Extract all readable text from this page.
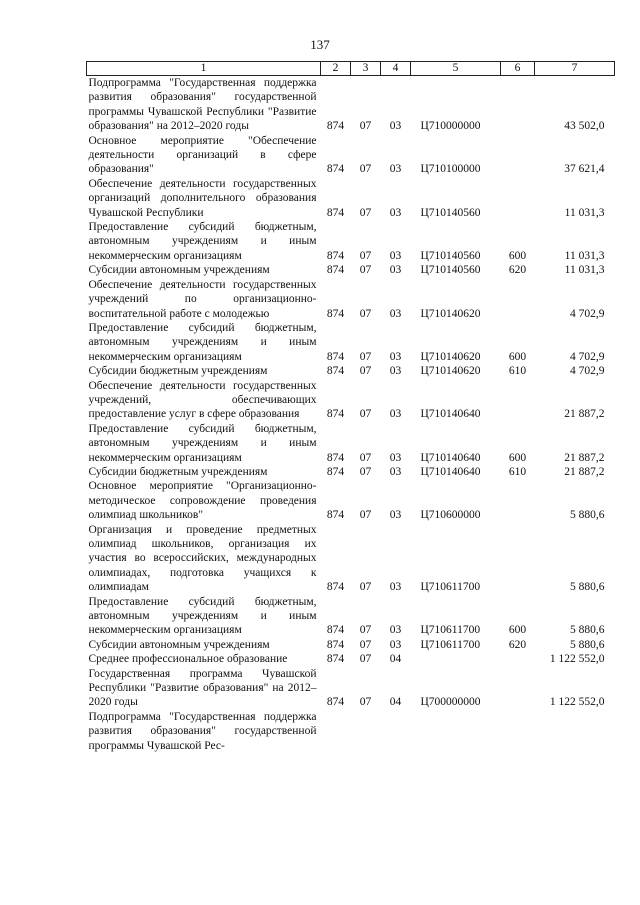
137
1	2	3	4	5	6	7
Подпрограмма "Государственная поддержка развития образования" государственной программы Чувашской Республики "Развитие образования" на 2012–2020 годы	874	07	03	Ц710000000		43 502,0
Основное мероприятие "Обеспечение деятельности организаций в сфере образования"	874	07	03	Ц710100000		37 621,4
Обеспечение деятельности государственных организаций дополнительного образования Чувашской Республики	874	07	03	Ц710140560		11 031,3
Предоставление субсидий бюджетным, автономным учреждениям и иным некоммерческим организациям	874	07	03	Ц710140560	600	11 031,3
Субсидии автономным учреждениям	874	07	03	Ц710140560	620	11 031,3
Обеспечение деятельности государственных учреждений по организационно-воспитательной работе с молодежью	874	07	03	Ц710140620		4 702,9
Предоставление субсидий бюджетным, автономным учреждениям и иным некоммерческим организациям	874	07	03	Ц710140620	600	4 702,9
Субсидии бюджетным учреждениям	874	07	03	Ц710140620	610	4 702,9
Обеспечение деятельности государственных учреждений, обеспечивающих предоставление услуг в сфере образования	874	07	03	Ц710140640		21 887,2
Предоставление субсидий бюджетным, автономным учреждениям и иным некоммерческим организациям	874	07	03	Ц710140640	600	21 887,2
Субсидии бюджетным учреждениям	874	07	03	Ц710140640	610	21 887,2
Основное мероприятие "Организационно-методическое сопровождение проведения олимпиад школьников"	874	07	03	Ц710600000		5 880,6
Организация и проведение предметных олимпиад школьников, организация их участия во всероссийских, международных олимпиадах, подготовка учащихся к олимпиадам	874	07	03	Ц710611700		5 880,6
Предоставление субсидий бюджетным, автономным учреждениям и иным некоммерческим организациям	874	07	03	Ц710611700	600	5 880,6
Субсидии автономным учреждениям	874	07	03	Ц710611700	620	5 880,6
Среднее профессиональное образование	874	07	04			1 122 552,0
Государственная программа Чувашской Республики "Развитие образования" на 2012–2020 годы	874	07	04	Ц700000000		1 122 552,0
Подпрограмма "Государственная поддержка развития образования" государственной программы Чувашской Рес-						
